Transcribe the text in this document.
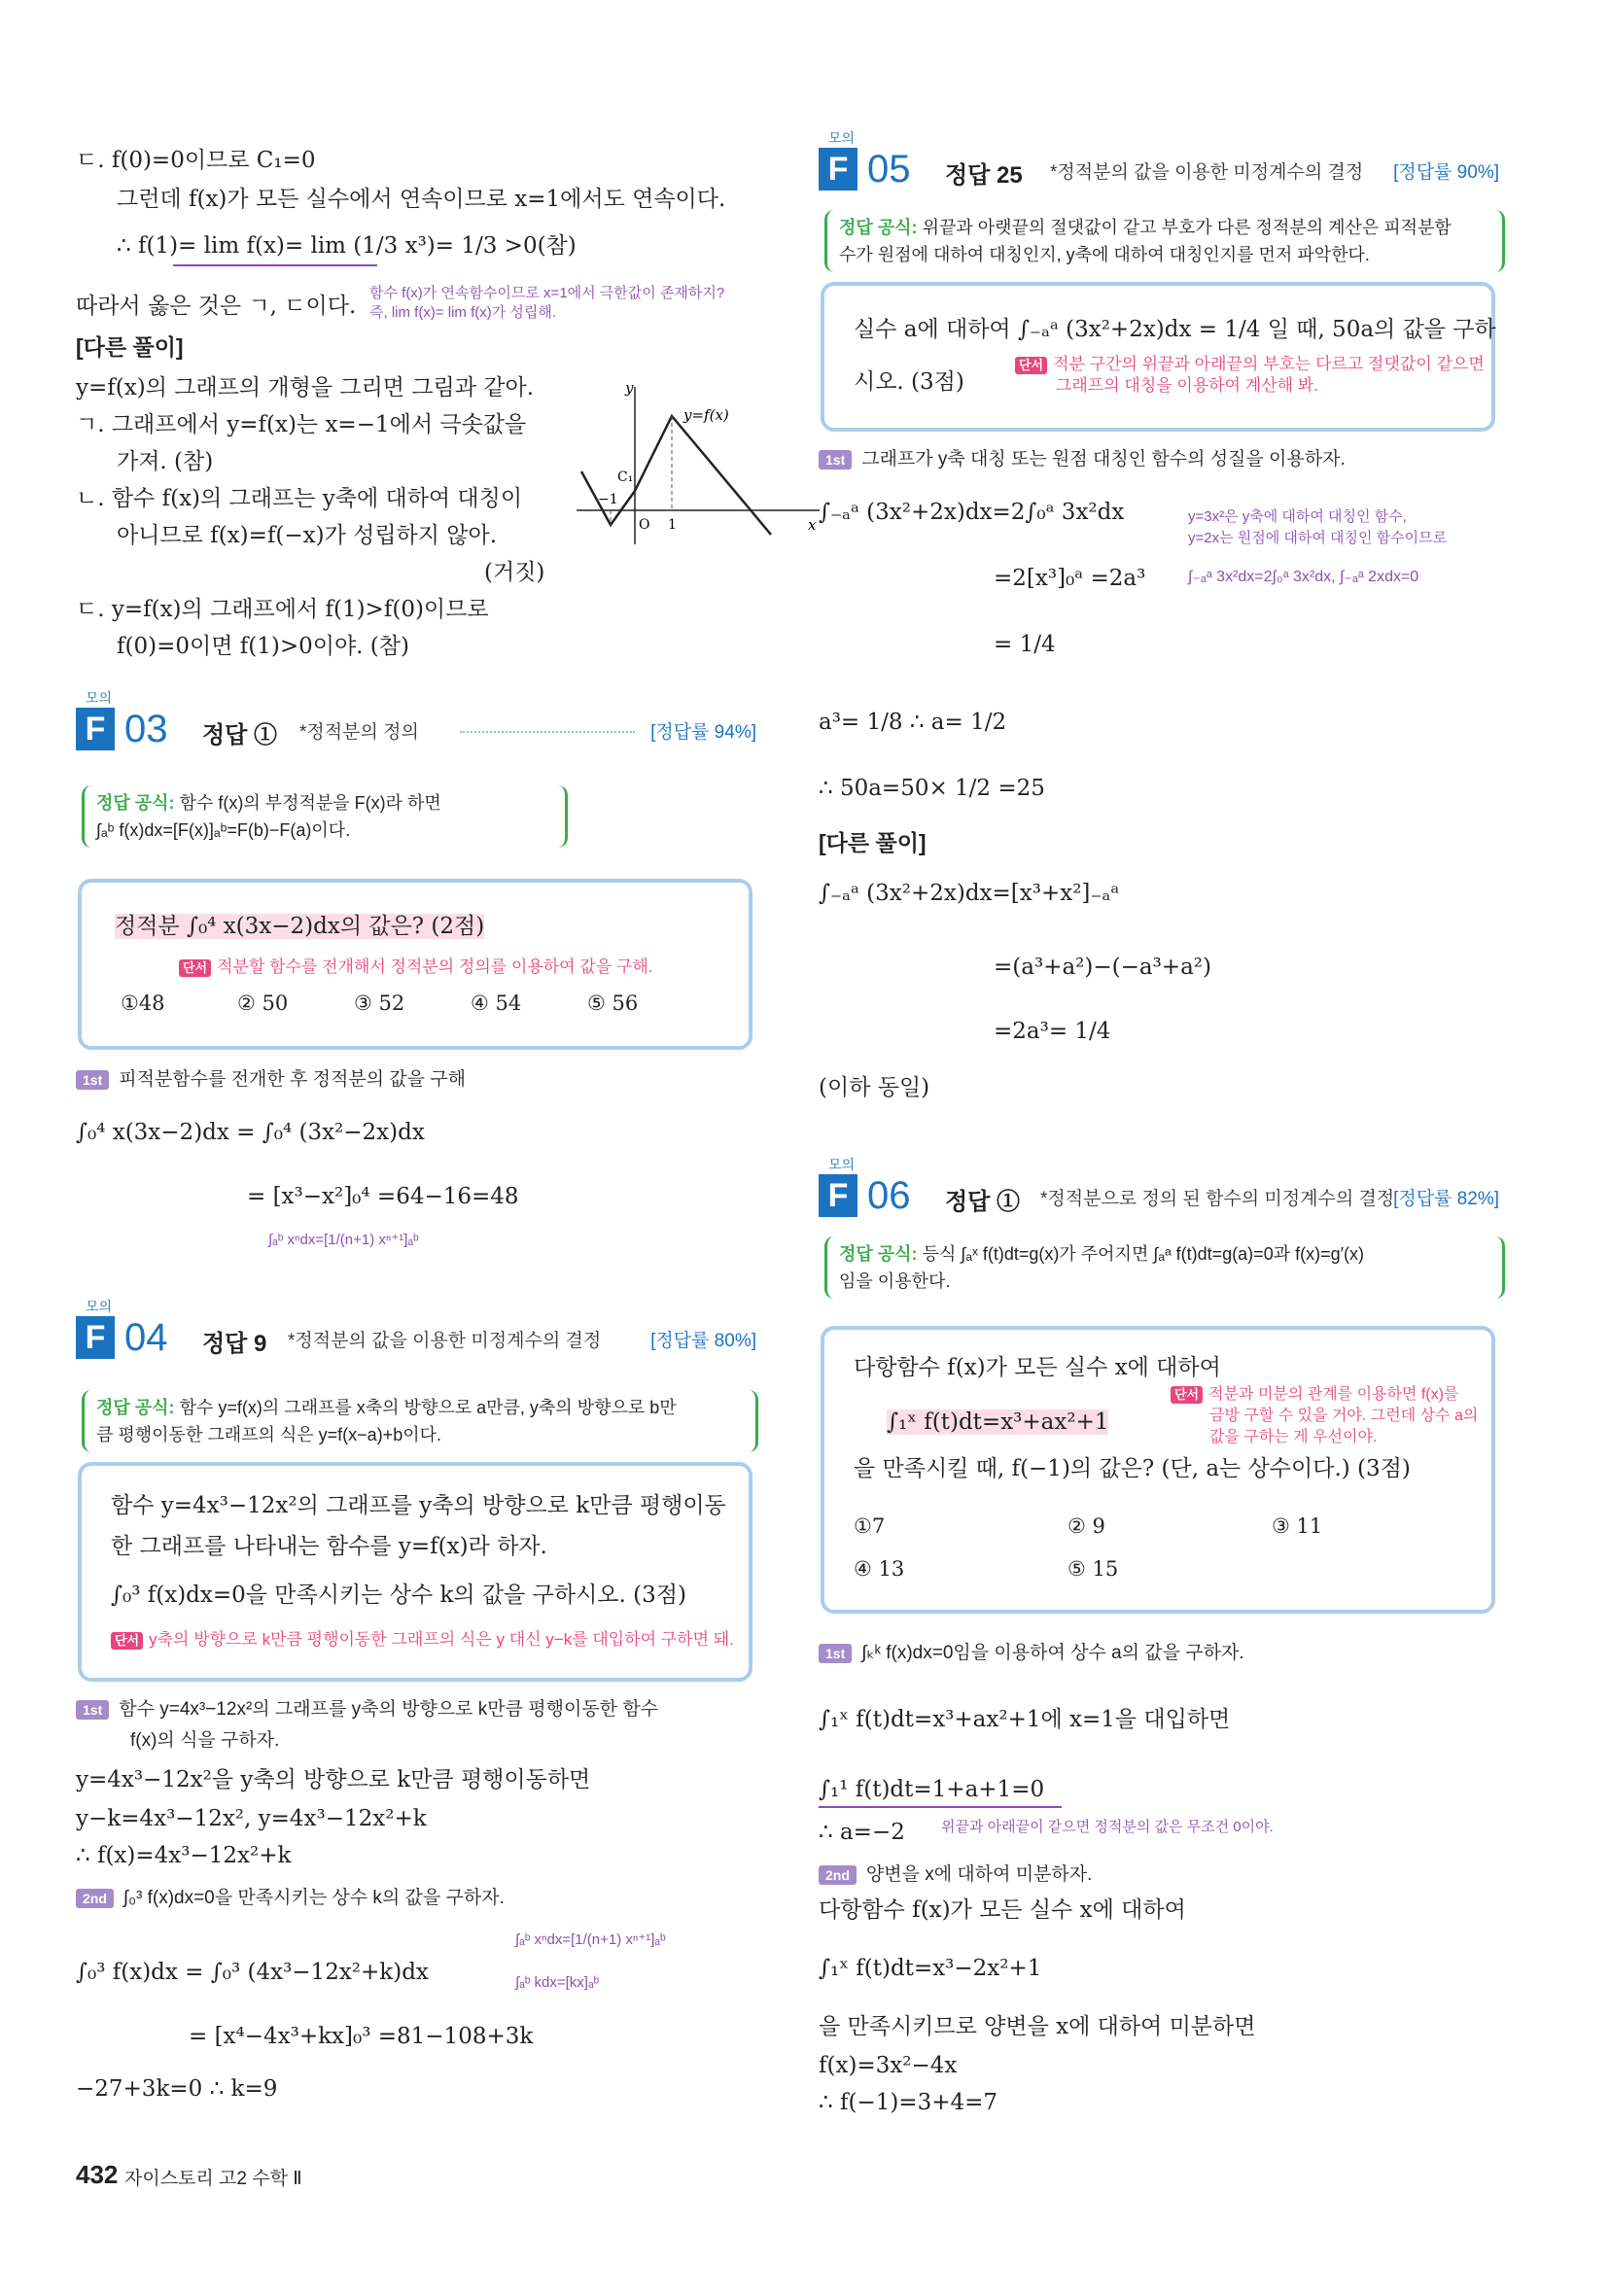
ㄷ. f(0)=0이므로 C₁=0
그런데 f(x)가 모든 실수에서 연속이므로 x=1에서도 연속이다.
∴ f(1)= lim f(x)= lim (1/3 x³)= 1/3 >0(참)
따라서 옳은 것은 ㄱ, ㄷ이다.
함수 f(x)가 연속함수이므로 x=1에서 극한값이 존재하지?
즉, lim f(x)= lim f(x)가 성립해.
[다른 풀이]
y=f(x)의 그래프의 개형을 그리면 그림과 같아.
ㄱ. 그래프에서 y=f(x)는 x=−1에서 극솟값을
가져. (참)
ㄴ. 함수 f(x)의 그래프는 y축에 대하여 대칭이
아니므로 f(x)=f(−x)가 성립하지 않아.
(거짓)
ㄷ. y=f(x)의 그래프에서 f(1)>f(0)이므로
f(0)=0이면 f(1)>0이야. (참)
y
x
y=f(x)
C₁
−1
O 1
모의
F 03 정답 ① *정적분의 정의	[정답률 94%]
정답 공식: 함수 f(x)의 부정적분을 F(x)라 하면
∫ₐᵇ f(x)dx=[F(x)]ₐᵇ=F(b)−F(a)이다.
정적분 ∫₀⁴ x(3x−2)dx의 값은? (2점)
단서 적분할 함수를 전개해서 정적분의 정의를 이용하여 값을 구해.
①48	② 50	③ 52	④ 54	⑤ 56
1st 피적분함수를 전개한 후 정적분의 값을 구해
∫₀⁴ x(3x−2)dx = ∫₀⁴ (3x²−2x)dx
= [x³−x²]₀⁴ =64−16=48
∫ₐᵇ xⁿdx=[1/(n+1) xⁿ⁺¹]ₐᵇ
모의
F 04 정답 9 *정적분의 값을 이용한 미정계수의 결정	[정답률 80%]
정답 공식: 함수 y=f(x)의 그래프를 x축의 방향으로 a만큼, y축의 방향으로 b만
큼 평행이동한 그래프의 식은 y=f(x−a)+b이다.
함수 y=4x³−12x²의 그래프를 y축의 방향으로 k만큼 평행이동
한 그래프를 나타내는 함수를 y=f(x)라 하자.
∫₀³ f(x)dx=0을 만족시키는 상수 k의 값을 구하시오. (3점)
단서 y축의 방향으로 k만큼 평행이동한 그래프의 식은 y 대신 y−k를 대입하여 구하면 돼.
1st 함수 y=4x³−12x²의 그래프를 y축의 방향으로 k만큼 평행이동한 함수
f(x)의 식을 구하자.
y=4x³−12x²을 y축의 방향으로 k만큼 평행이동하면
y−k=4x³−12x², y=4x³−12x²+k
∴ f(x)=4x³−12x²+k
2nd ∫₀³ f(x)dx=0을 만족시키는 상수 k의 값을 구하자.
∫₀³ f(x)dx = ∫₀³ (4x³−12x²+k)dx
= [x⁴−4x³+kx]₀³ =81−108+3k
−27+3k=0 ∴ k=9
∫ₐᵇ xⁿdx=[1/(n+1) xⁿ⁺¹]ₐᵇ
∫ₐᵇ kdx=[kx]ₐᵇ
모의
F 05 정답 25 *정적분의 값을 이용한 미정계수의 결정 [정답률 90%]
정답 공식: 위끝과 아랫끝의 절댓값이 같고 부호가 다른 정적분의 계산은 피적분함
수가 원점에 대하여 대칭인지, y축에 대하여 대칭인지를 먼저 파악한다.
실수 a에 대하여 ∫₋ₐᵃ (3x²+2x)dx = 1/4 일 때, 50a의 값을 구하
시오. (3점)
단서 적분 구간의 위끝과 아래끝의 부호는 다르고 절댓값이 같으면
그래프의 대칭을 이용하여 계산해 봐.
1st 그래프가 y축 대칭 또는 원점 대칭인 함수의 성질을 이용하자.
∫₋ₐᵃ (3x²+2x)dx=2∫₀ᵃ 3x²dx
=2[x³]₀ᵃ =2a³
= 1/4
a³= 1/8 ∴ a= 1/2
∴ 50a=50× 1/2 =25
y=3x²은 y축에 대하여 대칭인 함수,
y=2x는 원점에 대하여 대칭인 함수이므로
∫₋ₐᵃ 3x²dx=2∫₀ᵃ 3x²dx, ∫₋ₐᵃ 2xdx=0
[다른 풀이]
∫₋ₐᵃ (3x²+2x)dx=[x³+x²]₋ₐᵃ
=(a³+a²)−(−a³+a²)
=2a³= 1/4
(이하 동일)
모의
F 06 정답 ① *정적분으로 정의 된 함수의 미정계수의 결정
[정답률 82%]
정답 공식: 등식 ∫ₐˣ f(t)dt=g(x)가 주어지면 ∫ₐᵃ f(t)dt=g(a)=0과 f(x)=g′(x)
임을 이용한다.
다항함수 f(x)가 모든 실수 x에 대하여
∫₁ˣ f(t)dt=x³+ax²+1
을 만족시킬 때, f(−1)의 값은? (단, a는 상수이다.) (3점)
단서 적분과 미분의 관계를 이용하면 f(x)를
금방 구할 수 있을 거야. 그런데 상수 a의
값을 구하는 게 우선이야.
①7	② 9	③ 11
④ 13	⑤ 15
1st ∫ₖᵏ f(x)dx=0임을 이용하여 상수 a의 값을 구하자.
∫₁ˣ f(t)dt=x³+ax²+1에 x=1을 대입하면
∫₁¹ f(t)dt=1+a+1=0
∴ a=−2 위끝과 아래끝이 같으면 정적분의 값은 무조건 0이야.
2nd 양변을 x에 대하여 미분하자.
다항함수 f(x)가 모든 실수 x에 대하여
∫₁ˣ f(t)dt=x³−2x²+1
을 만족시키므로 양변을 x에 대하여 미분하면
f(x)=3x²−4x
∴ f(−1)=3+4=7
432 자이스토리 고2 수학 Ⅱ
